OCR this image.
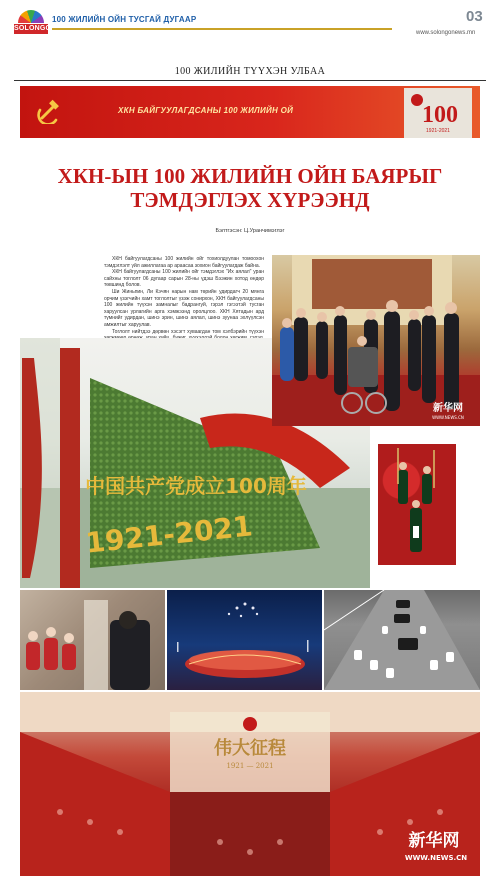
SOLONGO
100 ЖИЛИЙН ОЙН ТУСГАЙ ДУГААР	03
www.solongonews.mn
100 ЖИЛИЙН ТҮҮХЭН УЛБАА
ХКН БАЙГУУЛАГДСАНЫ 100 ЖИЛИЙН ОЙ	100
1921-2021
ХКН-ЫН 100 ЖИЛИЙН ОЙН БАЯРЫГ
ТЭМДЭГЛЭХ ХҮРЭЭНД
Бэлтгэсэн: Ц.Уранчимэглэг

ХКН байгуулагдсаны 100 жилийн ойг тохиолдуулан томоохон тэмдэглэлт үйл ажиллагаа ар араасаа зохион байгуулагдаж байна.

ХКН байгуулагдсаны 100 жилийн ойг тэмдэглэх "Их аялал" уран сайхны тоглолт 06 дугаар сарын 28-ны үдэш Бээжин хотод өндөр төвшинд болов.

Ши Жиньпин, Ли Кэчян нарын нам төрийн удирдагч 20 мянга орчим үзэгчийн хамт тоглолтыг үзэж сонирхон, ХКН байгуулагдсаны 100 жилийн түүхэн замналыг бадрангуй, гэрэл гэгээтэй тусган харуулсан урлагийн арга хэмжээнд оролцлоо. ХКН Хятадын ард түмнийг удирдан, шинэ эрин, шинэ аялал, шинэ зуунаа эхлүүлсэн амжилтыг харуулав.

Тоглолт нийтдээ дөрвөн хэсэгт хуваагдан том хэлбэрийн түүхэн

中国共产党成立100周年
1921-2021
新华网
WWW.NEWS.CN
伟大征程
1921 — 2021
新华网
WWW.NEWS.CN
